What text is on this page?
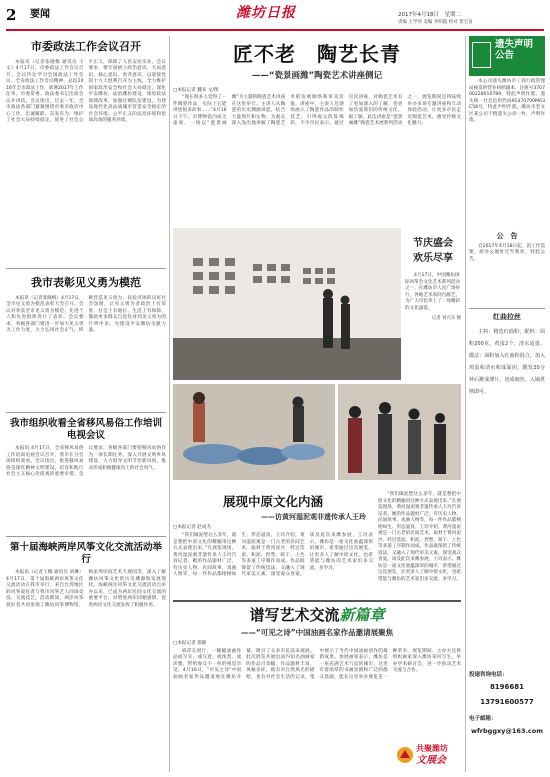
2 要闻	潍坊日报	2017年4月18日　星期二
责编 王学河 美编 李明霞 校对 贺宝良
市委政法工作会议召开

本报讯（记者张晓梅 通讯员 王文）4月17日，市委政法工作会议召开。会议传达学习全国政法工作会议、全省政法工作会议精神，总结2016年全市政法工作，部署2017年工作任务。市委常委、政法委书记出席会议并讲话。会议指出，过去一年，全市政法各部门紧紧围绕市委市政府中心工作，忠诚履职、奋发有为，维护了社会大局持续稳定，促进了社会公平正义，保障了人民安居乐业。会议要求，要牢固树立政治意识、大局意识、核心意识、看齐意识，以迎接党的十九大胜利召开为主线，全力维护国家政治安全和社会大局稳定，深化平安潍坊、法治潍坊建设，推进政法领域改革，加强过硬队伍建设，为建设现代化高品质城市营造安全稳定的社会环境、公平正义的法治环境和优质高效的服务环境。

我市表彰见义勇为模范

本报讯（记者张晓梅）4月17日，全市见义勇为模范表彰大会召开。会议对荣获全市见义勇为模范、先进个人和先进群体进行了表彰。会议要求，各级各部门要进一步加大见义勇为工作力度，大力弘扬社会正气，积极营造见义勇为、扶危济困的良好社会氛围，让见义勇为者政治上有荣誉、社会上有地位、生活上有保障，激励更多群众自觉投身到见义勇为的行列中来，为建设平安潍坊贡献力量。

我市组织收看全省移风易俗工作培训电视会议

本报讯 4月17日，全省移风易俗工作培训电视会议召开，我市在分会场组织收看。会议指出，推进移风易俗是深化精神文明建设、培育和践行社会主义核心价值观的重要举措。会议要求，各级各部门要把移风易俗作为一项长期任务，深入开展文明乡风建设，大力倡导文明节俭新风尚，推动形成积极健康向上的社会风气。

第十届海峡两岸风筝文化交流活动举行

本报讯（记者王娜 通讯员 刘琳）4月17日，第十届海峡两岸风筝文化交流活动在我市举行。来自台湾地区的风筝爱好者与我市风筝艺人同场竞技、交流技艺。活动期间，两岸风筝爱好者共同参观了潍坊风筝博物馆、杨家埠民间艺术大观园等，深入了解潍坊风筝文化的历史渊源和发展现状。海峡两岸风筝文化交流活动自举办以来，已成为两岸民间文化交流的重要平台，对增进两岸同胞感情、促进两岸文化交流发挥了积极作用。

匠不老　陶艺长青
——“瓷景画潍”陶瓷艺术讲座侧记
□本报记者 魏来 文/图

“现在很多人觉得了一件陶瓷作品，实际上它能讲述很多故事……”4月16日下午，市博物馆内座无虚席，一场以“瓷景画潍”为主题的陶瓷艺术讲座在这里举行。主讲人从陶瓷的历史渊源讲起，结合大量图片和实物，为观众深入浅出地讲解了陶瓷艺术的发展脉络和审美价值。讲座中，主讲人还现场展示了陶瓷作品的制作技艺，引得观众阵阵喝彩。不少市民表示，通过这次讲座，对陶瓷艺术有了更加深入的了解，也更加热爱我们的传统文化。据了解，此次讲座是“瓷景画潍”陶瓷艺术展系列活动之一，展览期间还将陆续举办多场专题讲座和互动体验活动，让更多市民走近陶瓷艺术、感受传统文化魅力。

节庆盛会
欢乐尽享

4月17日，中国潍坊国际风筝会文化艺术系列活动之一，在潍坊市人民广场举行，各地艺术家同台献艺，为广大市民奉上了一场精彩的文化盛宴。

记者 刘兴东 摄
展现中原文化内涵
——访黄河湿泥观非遗传承人王玲
□本报记者 赵成杰

“我们做泥塑这么多年，就是想把中原文化的精髓用这种方式表现出来。”在展览现场，黄河湿泥观非遗传承人王玲告诉记者。她的作品题材广泛，有历史人物、民间故事、戏曲人物等，每一件作品都栩栩如生、形态逼真。王玲介绍，黄河湿泥观是一门古老的民间艺术，取材于黄河泥沙，经过选泥、和泥、捏塑、晾干、上色等多道工序制作而成。作品既保留了传统技法，又融入了现代审美元素，深受观众喜爱。谈及此次来潍参展，王玲表示，潍坊是一座文化底蕴深厚的城市，希望通过这次展览，让更多人了解中原文化，也希望能与潍坊的艺术家们多交流、多学习。

“我们做泥塑这么多年，就是想把中原文化的精髓用这种方式表现出来。”在展览现场，黄河湿泥观非遗传承人王玲告诉记者。她的作品题材广泛，有历史人物、民间故事、戏曲人物等，每一件作品都栩栩如生、形态逼真。王玲介绍，黄河湿泥观是一门古老的民间艺术，取材于黄河泥沙，经过选泥、和泥、捏塑、晾干、上色等多道工序制作而成。作品既保留了传统技法，又融入了现代审美元素，深受观众喜爱。谈及此次来潍参展，王玲表示，潍坊是一座文化底蕴深厚的城市，希望通过这次展览，让更多人了解中原文化，也希望能与潍坊的艺术家们多交流、多学习。

谱写艺术交流新篇章
——“可见之诗”中国油画名家作品邀请展聚焦
□本报记者 郑静

徜徉在展厅，一幅幅油画作品或写实、或写意，或浓烈、或淡雅，带给观众不一样的视觉享受。4月16日，“可见之诗”中国油画名家作品邀请展在潍坊开幕，吸引了众多市民前来观展。此次展览共展出国内知名油画家的作品百余幅，作品题材丰富，风格多样，既有对自然风光的描绘，也有对社会生活的记录，集中展示了当代中国油画创作的最新成果。参展画家表示，潍坊是一座充满艺术气息的城市，这里有着浓厚的书画氛围和广泛的群众基础，能在这里举办展览是一种荣幸。展览期间，主办方还将组织画家深入潍坊采风写生，举办学术研讨会，进一步推动艺术交流与合作。

共聚潍坊
文展会
遗失声明公告

本公司遗失潍坊市工商行政管理局核发的营业执照副本，注册号370700228010789，特此声明作废。遗失统一社会信用代码91370700MA3C58号，特此声明作废。潍坊市奎文区某公司不慎遗失公章一枚，声明作废。

公　告

自2017年4月18日起，因工作需要，原办公地址迁至新址，特此公告。

红曲拉丝

主料：精选红曲粉，配料：面粉200克，鸡蛋2个，清水适量。做法：面粉加入红曲粉混合，加入鸡蛋和清水和成面团，醒发20分钟后擀成薄片，切成细丝，入锅煮熟即可。

投递咨询电话：
8196681
13791600577
电子邮箱：
wfrbggxy@163.com
